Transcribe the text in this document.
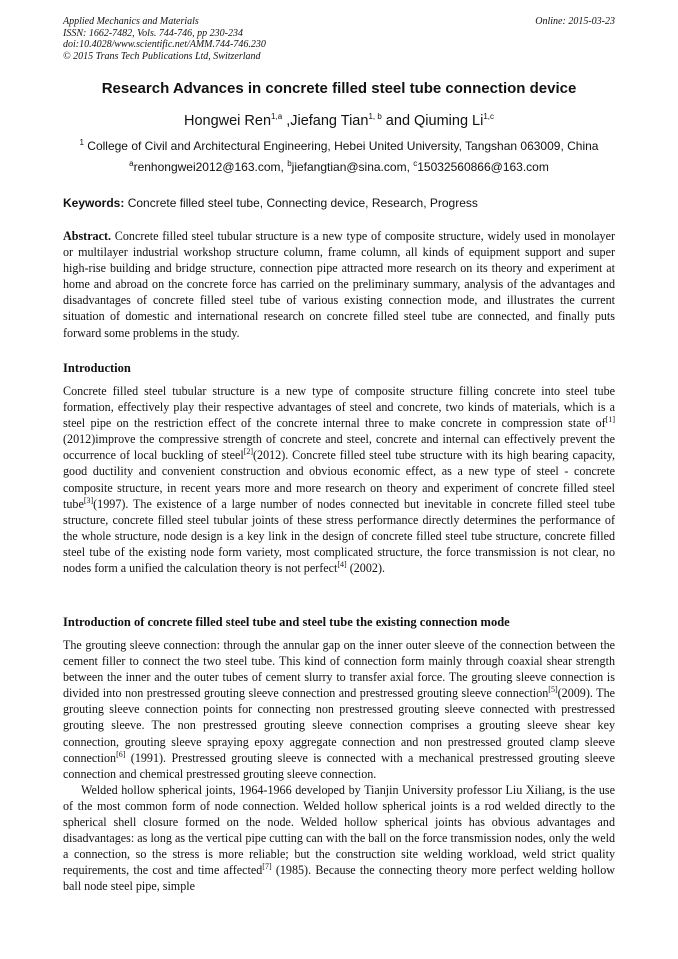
Applied Mechanics and Materials
ISSN: 1662-7482, Vols. 744-746, pp 230-234
doi:10.4028/www.scientific.net/AMM.744-746.230
© 2015 Trans Tech Publications Ltd, Switzerland
Online: 2015-03-23
Research Advances in concrete filled steel tube connection device
Hongwei Ren$^{1,a}$ ,Jiefang Tian$^{1, b}$ and Qiuming Li$^{1,c}$
$^1$ College of Civil and Architectural Engineering, Hebei United University, Tangshan 063009, China
$^a$renhongwei2012@163.com, $^b$jiefangtian@sina.com, $^c$15032560866@163.com
Keywords: Concrete filled steel tube, Connecting device, Research, Progress

Abstract. Concrete filled steel tubular structure is a new type of composite structure, widely used in monolayer or multilayer industrial workshop structure column, frame column, all kinds of equipment support and super high-rise building and bridge structure, connection pipe attracted more research on its theory and experiment at home and abroad on the concrete force has carried on the preliminary summary, analysis of the advantages and disadvantages of concrete filled steel tube of various existing connection mode, and illustrates the current situation of domestic and international research on concrete filled steel tube are connected, and finally puts forward some problems in the study.

Introduction

Concrete filled steel tubular structure is a new type of composite structure filling concrete into steel tube formation, effectively play their respective advantages of steel and concrete, two kinds of materials, which is a steel pipe on the restriction effect of the concrete internal three to make concrete in compression state of[1](2012)improve the compressive strength of concrete and steel, concrete and internal can effectively prevent the occurrence of local buckling of steel[2](2012). Concrete filled steel tube structure with its high bearing capacity, good ductility and convenient construction and obvious economic effect, as a new type of steel - concrete composite structure, in recent years more and more research on theory and experiment of concrete filled steel tube[3](1997). The existence of a large number of nodes connected but inevitable in concrete filled steel tube structure, concrete filled steel tubular joints of these stress performance directly determines the performance of the whole structure, node design is a key link in the design of concrete filled steel tube structure, concrete filled steel tube of the existing node form variety, most complicated structure, the force transmission is not clear, no nodes form a unified the calculation theory is not perfect[4] (2002).

Introduction of concrete filled steel tube and steel tube the existing connection mode

The grouting sleeve connection: through the annular gap on the inner outer sleeve of the connection between the cement filler to connect the two steel tube. This kind of connection form mainly through coaxial shear strength between the inner and the outer tubes of cement slurry to transfer axial force. The grouting sleeve connection is divided into non prestressed grouting sleeve connection and prestressed grouting sleeve connection[5](2009). The grouting sleeve connection points for connecting non prestressed grouting sleeve connected with prestressed grouting sleeve. The non prestressed grouting sleeve connection comprises a grouting sleeve shear key connection, grouting sleeve spraying epoxy aggregate connection and non prestressed grouted clamp sleeve connection[6] (1991). Prestressed grouting sleeve is connected with a mechanical prestressed grouting sleeve connection and chemical prestressed grouting sleeve connection.

Welded hollow spherical joints, 1964-1966 developed by Tianjin University professor Liu Xiliang, is the use of the most common form of node connection. Welded hollow spherical joints is a rod welded directly to the spherical shell closure formed on the node. Welded hollow spherical joints has obvious advantages and disadvantages: as long as the vertical pipe cutting can with the ball on the force transmission nodes, only the weld a connection, so the stress is more reliable; but the construction site welding workload, weld strict quality requirements, the cost and time affected[7] (1985). Because the connecting theory more perfect welding hollow ball node steel pipe, simple
